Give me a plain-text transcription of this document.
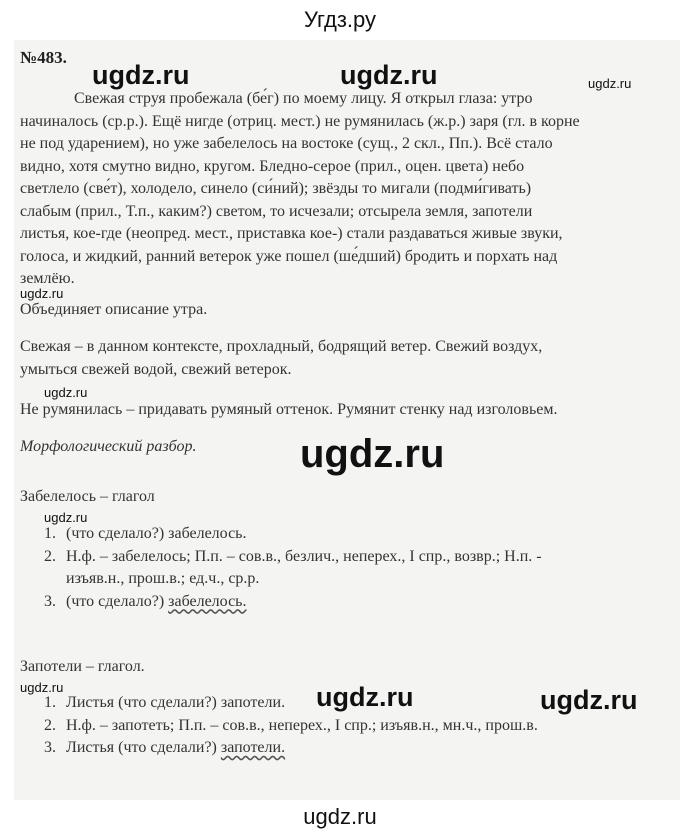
Угдз.ру
№483.
ugdz.ru	ugdz.ru	ugdz.ru
Свежая струя пробежала (бе́г) по моему лицу. Я открыл глаза: утро
начиналось (ср.р.). Ещё нигде (отриц. мест.) не румянилась (ж.р.) заря (гл. в корне
не под ударением), но уже забелелось на востоке (сущ., 2 скл., Пп.). Всё стало
видно, хотя смутно видно, кругом. Бледно-серое (прил., оцен. цвета) небо
светлело (све́т), холодело, синело (си́ний); звёзды то мигали (подми́гивать)
слабым (прил., Т.п., каким?) светом, то исчезали; отсырела земля, запотели
листья, кое-где (неопред. мест., приставка кое-) стали раздаваться живые звуки,
голоса, и жидкий, ранний ветерок уже пошел (ше́дший) бродить и порхать над
землёю.
ugdz.ru
Объединяет описание утра.
Свежая – в данном контексте, прохладный, бодрящий ветер. Свежий воздух,
умыться свежей водой, свежий ветерок.
ugdz.ru
Не румянилась – придавать румяный оттенок. Румянит стенку над изголовьем.
Морфологический разбор.	ugdz.ru
Забелелось – глагол
ugdz.ru
1. (что сделало?) забелелось.
2. Н.ф. – забелелось; П.п. – сов.в., безлич., неперех., I спр., возвр.; Н.п. -
изъяв.н., прош.в.; ед.ч., ср.р.
3. (что сделало?) забелелось.
Запотели – глагол.
ugdz.ru	ugdz.ru	ugdz.ru
1. Листья (что сделали?) запотели.
2. Н.ф. – запотеть; П.п. – сов.в., неперех., I спр.; изъяв.н., мн.ч., прош.в.
3. Листья (что сделали?) запотели.
ugdz.ru
